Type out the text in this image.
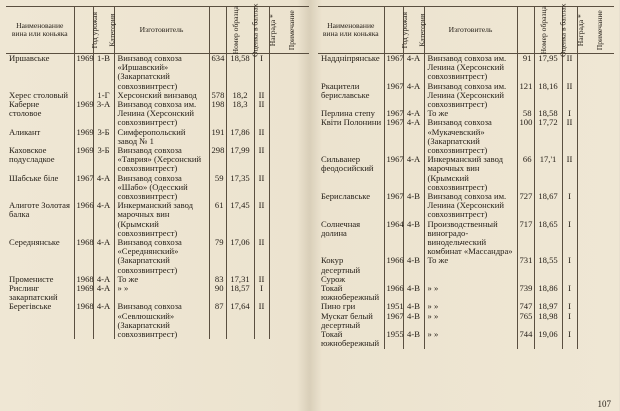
Наименование вина или коньяка	Год урожая	Категория	Изготовитель	Номер образца	Оценка в баллах	Награда *	Примечание
Иршавське	1969	1-В	Винзавод совхоза «Иршавский» (Закарпатский совхозвинтрест)	634	18,58	I	
Херес столовый		1-Г	Херсонский винзавод	578	18,2	II	
Каберне столовое	1969	3-А	Винзавод совхоза им. Ленина (Херсонский совхозвинтрест)	198	18,3	II	
Аликант	1969	3-Б	Симферопольский завод № 1	191	17,86	II	
Каховское подусладкое	1969	3-Б	Винзавод совхоза «Таврия» (Херсонский совхозвинтрест)	298	17,99	II	
Шабське біле	1967	4-А	Винзавод совхоза «Шабо» (Одесский совхозвинтрест)	59	17,35	II	
Алиготе Золотая балка	1966	4-А	Инкерманский завод марочных вин (Крымский совхозвинтрест)	61	17,45	II	
Середнянське	1968	4-А	Винзавод совхоза «Середнянский» (Закарпатский совхозвинтрест)	79	17,06	II	
Променисте	1968	4-А	То же	83	17,31	II	
Рислинг закарпатский	1969	4-А	» »	90	18,57	I	
Берегівське	1968	4-А	Винзавод совхоза «Севлюшский» (Закарпатский совхозвинтрест)	87	17,64	II	
Наименование вина или коньяка	Год урожая	Категория	Изготовитель	Номер образца	Оценка в баллах	Награда *	Примечание
Наддніпрянське	1967	4-А	Винзавод совхоза им. Ленина (Херсонский совхозвинтрест)	91	17,95	II	
Ркацители бериславське	1967	4-А	Винзавод совхоза им. Ленина (Херсонский совхозвинтрест)	121	18,16	II	
Перлина степу	1967	4-А	То же	58	18,58	I	
Квіти Полонини	1967	4-А	Винзавод совхоза «Мукачевский» (Закарпатский совхозвинтрест)	100	17,72	II	
Сильванер феодосийский	1967	4-А	Инкерманский завод марочных вин (Крымский совхозвинтрест)	66	17,'1	II	
Бериславське	1967	4-В	Винзавод совхоза им. Ленина (Херсонский совхозвинтрест)	727	18,67	I	
Солнечная долина	1964	4-В	Производственный виноградо-винодельческий комбинат «Массандра»	717	18,65	I	
Кокур десертный Сурож	1966	4-В	То же	731	18,55	I	
Токай южнобережный	1966	4-В	» »	739	18,86	I	
Пино гри	1951	4-В	» »	747	18,97	I	
Мускат белый десертный	1967	4-В	» »	765	18,98	I	
Токай южнобережный	1955	4-В	» »	744	19,06	I	
107
